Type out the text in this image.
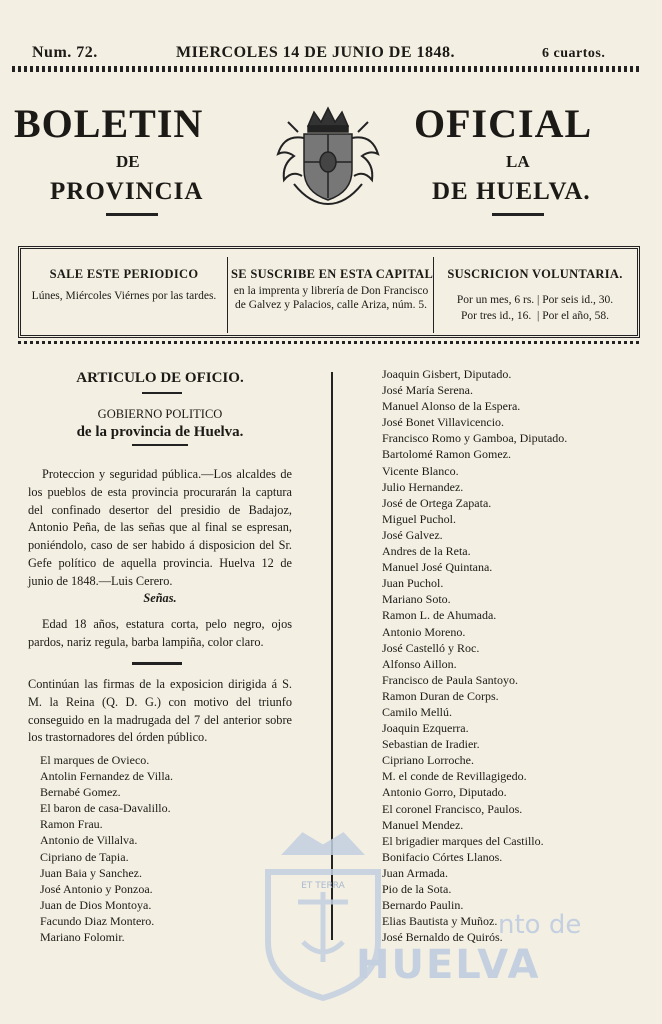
Num. 72.	MIERCOLES 14 DE JUNIO DE 1848.	6 cuartos.
BOLETIN
DE
PROVINCIA
OFICIAL
LA
DE HUELVA.
SALE ESTE PERIODICO
Lúnes, Miércoles Viérnes por las tardes.
SE SUSCRIBE EN ESTA CAPITAL
en la imprenta y librería de Don Francisco de Galvez y Palacios, calle Ariza, núm. 5.
SUSCRICION VOLUNTARIA.
Por un mes, 6 rs. | Por seis id., 30.
Por tres id., 16.  | Por el año, 58.
ARTICULO DE OFICIO.
GOBIERNO POLITICO
de la provincia de Huelva.
Proteccion y seguridad pública.—Los alcaldes de los pueblos de esta provincia procurarán la captura del confinado desertor del presidio de Badajoz, Antonio Peña, de las señas que al final se espresan, poniéndolo, caso de ser habido á disposicion del Sr. Gefe político de aquella provincia. Huelva 12 de junio de 1848.—Luis Cerero.
Señas.
Edad 18 años, estatura corta, pelo negro, ojos pardos, nariz regula, barba lampiña, color claro.
Continúan las firmas de la exposicion dirigida á S. M. la Reina (Q. D. G.) con motivo del triunfo conseguido en la madrugada del 7 del anterior sobre los trastornadores del órden público.
El marques de Ovieco.
Antolin Fernandez de Villa.
Bernabé Gomez.
El baron de casa-Davalillo.
Ramon Frau.
Antonio de Villalva.
Cipriano de Tapia.
Juan Baia y Sanchez.
José Antonio y Ponzoa.
Juan de Dios Montoya.
Facundo Diaz Montero.
Mariano Folomir.
Joaquin Gisbert, Diputado.
José María Serena.
Manuel Alonso de la Espera.
José Bonet Villavicencio.
Francisco Romo y Gamboa, Diputado.
Bartolomé Ramon Gomez.
Vicente Blanco.
Julio Hernandez.
José de Ortega Zapata.
Miguel Puchol.
José Galvez.
Andres de la Reta.
Manuel José Quintana.
Juan Puchol.
Mariano Soto.
Ramon L. de Ahumada.
Antonio Moreno.
José Castelló y Roc.
Alfonso Aillon.
Francisco de Paula Santoyo.
Ramon Duran de Corps.
Camilo Mellú.
Joaquin Ezquerra.
Sebastian de Iradier.
Cipriano Lorroche.
M. el conde de Revillagigedo.
Antonio Gorro, Diputado.
El coronel Francisco, Paulos.
Manuel Mendez.
El brigadier marques del Castillo.
Bonifacio Córtes Llanos.
Juan Armada.
Pio de la Sota.
Bernardo Paulin.
Elias Bautista y Muñoz.
José Bernaldo de Quirós.
ET TERRA
HUELVA
nto de
